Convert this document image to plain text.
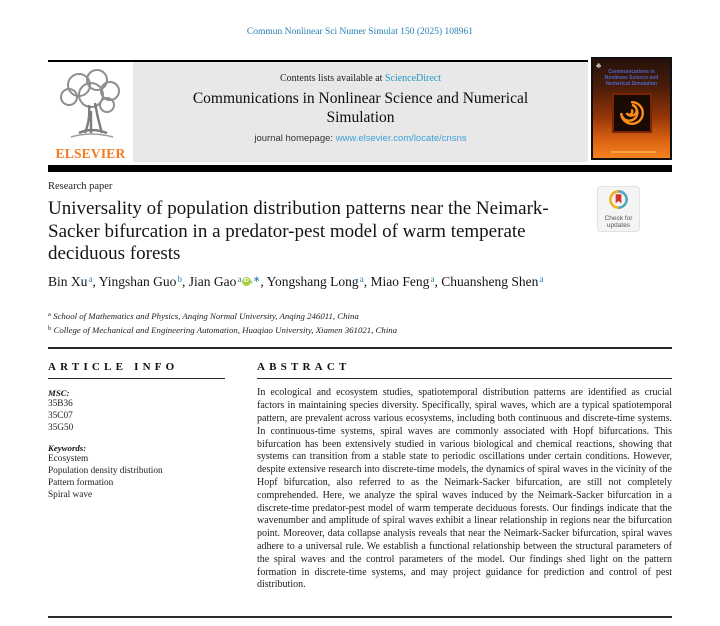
Commun Nonlinear Sci Numer Simulat 150 (2025) 108961
ELSEVIER
Contents lists available at ScienceDirect
Communications in Nonlinear Science and Numerical Simulation
journal homepage: www.elsevier.com/locate/cnsns
♣
Communications in Nonlinear Science and Numerical Simulation
Research paper
Universality of population distribution patterns near the Neimark-Sacker bifurcation in a predator-pest model of warm temperate deciduous forests
Check for updates
Bin Xu $^a$, Yingshan Guo $^b$, Jian Gao $^a$ iD ,∗, Yongshang Long $^a$, Miao Feng $^a$, Chuansheng Shen $^a$
$^a$ School of Mathematics and Physics, Anqing Normal University, Anqing 246011, China
$^b$ College of Mechanical and Engineering Automation, Huaqiao University, Xiamen 361021, China
ARTICLE INFO
MSC:
35B36
35C07
35G50
Keywords:
Ecosystem
Population density distribution
Pattern formation
Spiral wave
ABSTRACT
In ecological and ecosystem studies, spatiotemporal distribution patterns are identified as crucial factors in maintaining species diversity. Specifically, spiral waves, which are a typical spatiotemporal pattern, are prevalent across various ecosystems, including both continuous and discrete-time systems. In continuous-time systems, spiral waves are commonly associated with Hopf bifurcations. This bifurcation has been extensively studied in various biological and chemical reactions, showing that systems can transition from a stable state to periodic oscillations under certain conditions. However, despite extensive research into discrete-time models, the dynamics of spiral waves in the vicinity of the Hopf bifurcation, also referred to as the Neimark-Sacker bifurcation, are still not completely comprehended. Here, we analyze the spiral waves induced by the Neimark-Sacker bifurcation in a discrete-time predator-pest model of warm temperate deciduous forests. Our findings indicate that the wavenumber and amplitude of spiral waves exhibit a linear relationship in regions near the bifurcation point. Moreover, data collapse analysis reveals that near the Neimark-Sacker bifurcation, spiral waves adhere to a universal rule. We establish a functional relationship between the structural parameters of the spiral waves and the control parameters of the model. Our findings shed light on the pattern formation in discrete-time systems, and may project guidance for prediction and control of pest distribution.
